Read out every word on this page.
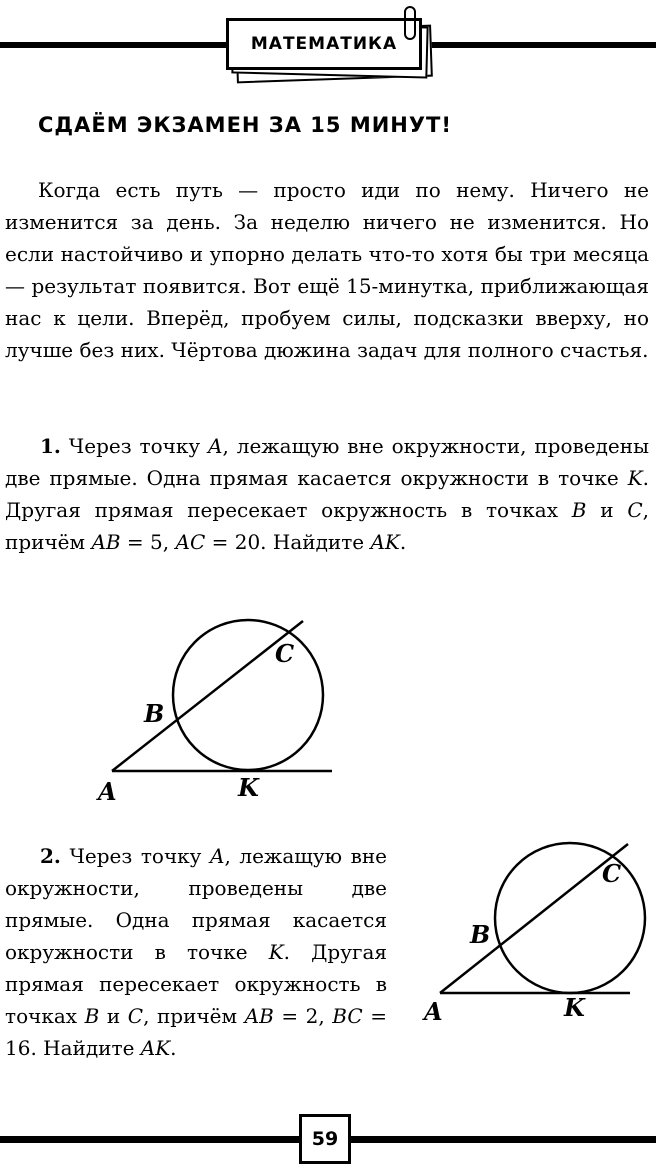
МАТЕМАТИКА
СДАЁМ ЭКЗАМЕН ЗА 15 МИНУТ!

Когда есть путь — просто иди по нему. Ничего не изменится за день. За неделю ничего не изменится. Но если настойчиво и упорно делать что-то хотя бы три месяца — результат появится. Вот ещё 15-минутка, приближающая нас к цели. Вперёд, пробуем силы, подсказки вверху, но лучше без них. Чёртова дюжина задач для полного счастья.

1. Через точку A, лежащую вне окружности, проведены две прямые. Одна прямая касается окружности в точке K. Другая прямая пересекает окружность в точках B и C, причём AB = 5, AC = 20. Найдите AK.

A
B
C
K

2. Через точку A, лежащую вне окружности, проведены две прямые. Одна прямая касается окружности в точке K. Другая прямая пересекает окружность в точках B и C, причём AB = 2, BC = 16. Найдите AK.

A
B
C
K
59
